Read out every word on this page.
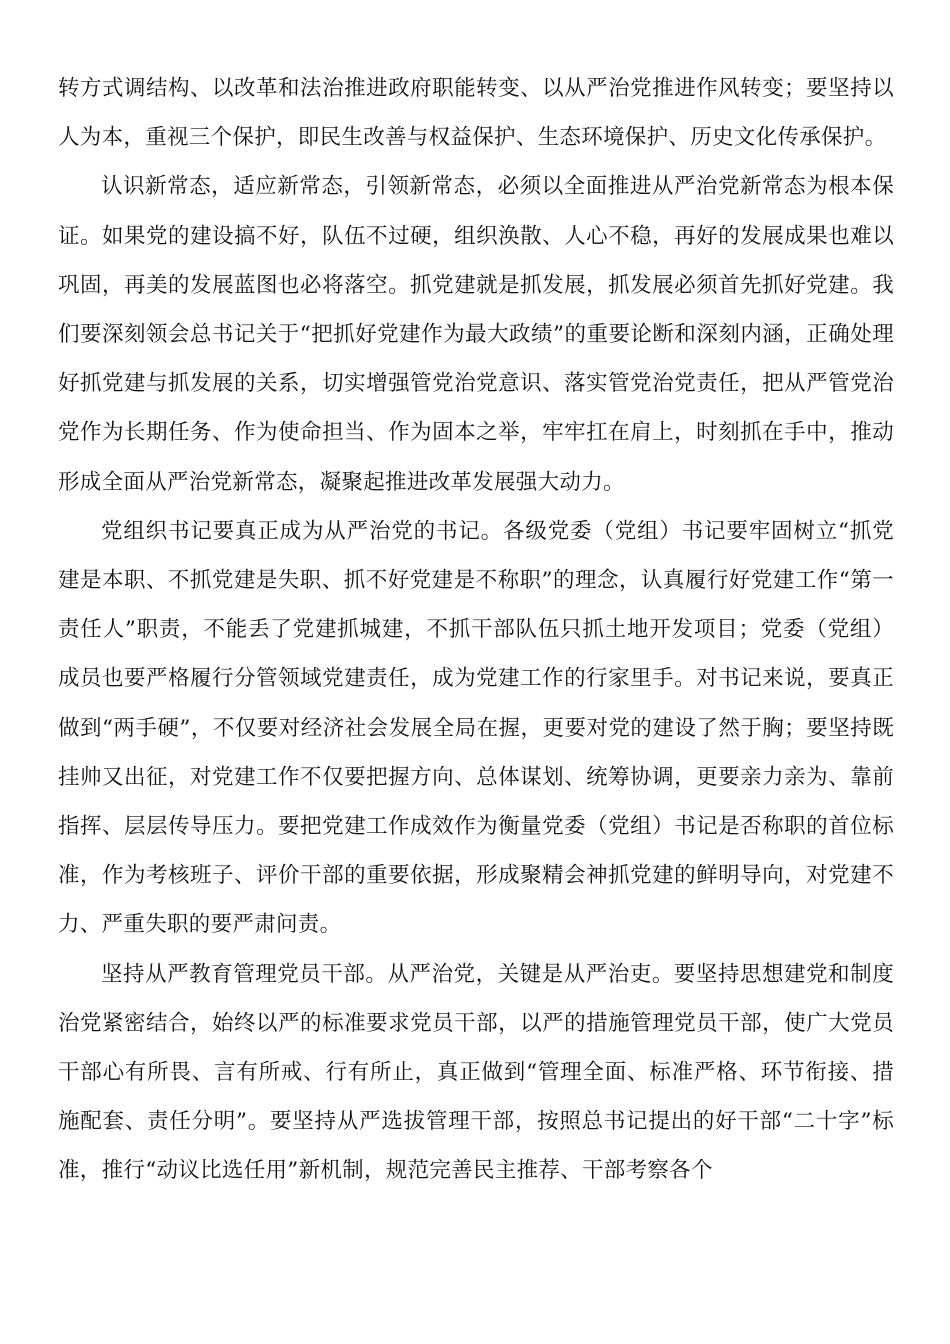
转方式调结构、以改革和法治推进政府职能转变、以从严治党推进作风转变；要坚持以人为本，重视三个保护，即民生改善与权益保护、生态环境保护、历史文化传承保护。

认识新常态，适应新常态，引领新常态，必须以全面推进从严治党新常态为根本保证。如果党的建设搞不好，队伍不过硬，组织涣散、人心不稳，再好的发展成果也难以巩固，再美的发展蓝图也必将落空。抓党建就是抓发展，抓发展必须首先抓好党建。我们要深刻领会总书记关于“把抓好党建作为最大政绩”的重要论断和深刻内涵，正确处理好抓党建与抓发展的关系，切实增强管党治党意识、落实管党治党责任，把从严管党治党作为长期任务、作为使命担当、作为固本之举，牢牢扛在肩上，时刻抓在手中，推动形成全面从严治党新常态，凝聚起推进改革发展强大动力。

党组织书记要真正成为从严治党的书记。各级党委（党组）书记要牢固树立“抓党建是本职、不抓党建是失职、抓不好党建是不称职”的理念，认真履行好党建工作“第一责任人”职责，不能丢了党建抓城建，不抓干部队伍只抓土地开发项目；党委（党组）成员也要严格履行分管领域党建责任，成为党建工作的行家里手。对书记来说，要真正做到“两手硬”，不仅要对经济社会发展全局在握，更要对党的建设了然于胸；要坚持既挂帅又出征，对党建工作不仅要把握方向、总体谋划、统筹协调，更要亲力亲为、靠前指挥、层层传导压力。要把党建工作成效作为衡量党委（党组）书记是否称职的首位标准，作为考核班子、评价干部的重要依据，形成聚精会神抓党建的鲜明导向，对党建不力、严重失职的要严肃问责。

坚持从严教育管理党员干部。从严治党，关键是从严治吏。要坚持思想建党和制度治党紧密结合，始终以严的标准要求党员干部，以严的措施管理党员干部，使广大党员干部心有所畏、言有所戒、行有所止，真正做到“管理全面、标准严格、环节衔接、措施配套、责任分明”。要坚持从严选拔管理干部，按照总书记提出的好干部“二十字”标准，推行“动议比选任用”新机制，规范完善民主推荐、干部考察各个
